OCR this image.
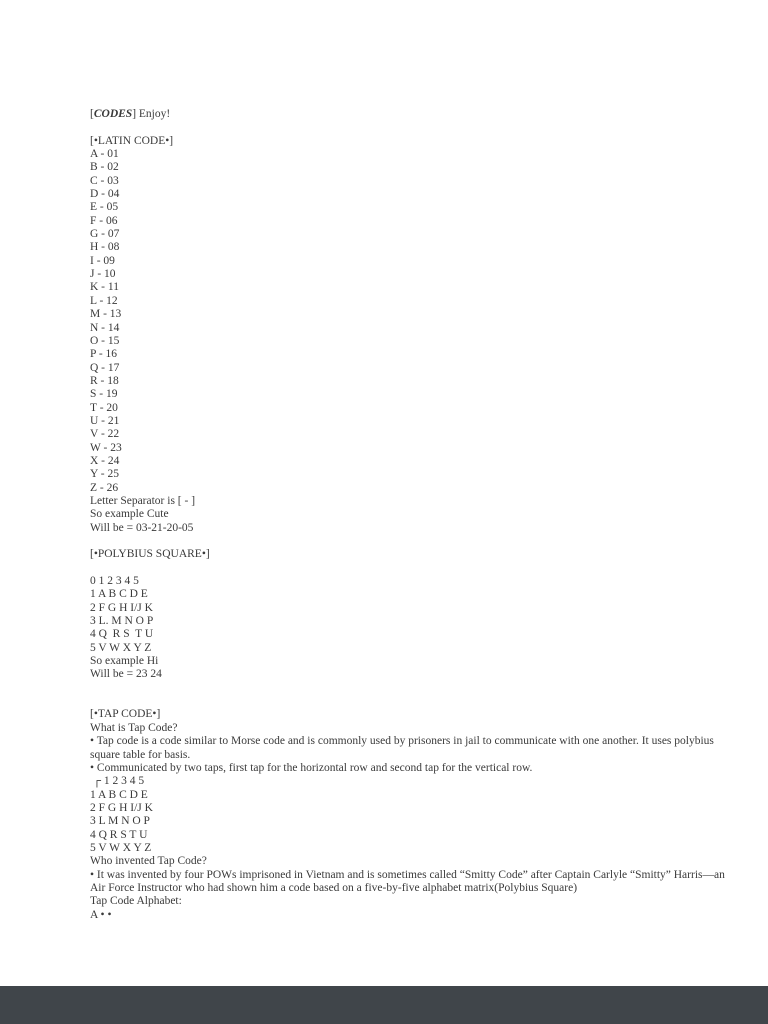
[CODES] Enjoy!
[•LATIN CODE•]
A - 01
B - 02
C - 03
D - 04
E - 05
F - 06
G - 07
H - 08
I - 09
J - 10
K - 11
L - 12
M - 13
N - 14
O - 15
P - 16
Q - 17
R - 18
S - 19
T - 20
U - 21
V - 22
W - 23
X - 24
Y - 25
Z - 26
Letter Separator is [ - ]
So example Cute
Will be = 03-21-20-05
[•POLYBIUS SQUARE•]
0 1 2 3 4 5
1 A B C D E
2 F G H I/J K
3 L. M N O P
4 Q  R S  T U
5 V W X Y Z
So example Hi
Will be = 23 24
[•TAP CODE•]
What is Tap Code?
• Tap code is a code similar to Morse code and is commonly used by prisoners in jail to communicate with one another. It uses polybius square table for basis.
• Communicated by two taps, first tap for the horizontal row and second tap for the vertical row.
┌ 1 2 3 4 5
1 A B C D E
2 F G H I/J K
3 L M N O P
4 Q R S T U
5 V W X Y Z
Who invented Tap Code?
• It was invented by four POWs imprisoned in Vietnam and is sometimes called “Smitty Code” after Captain Carlyle “Smitty” Harris—an Air Force Instructor who had shown him a code based on a five-by-five alphabet matrix(Polybius Square)
Tap Code Alphabet:
A • •
